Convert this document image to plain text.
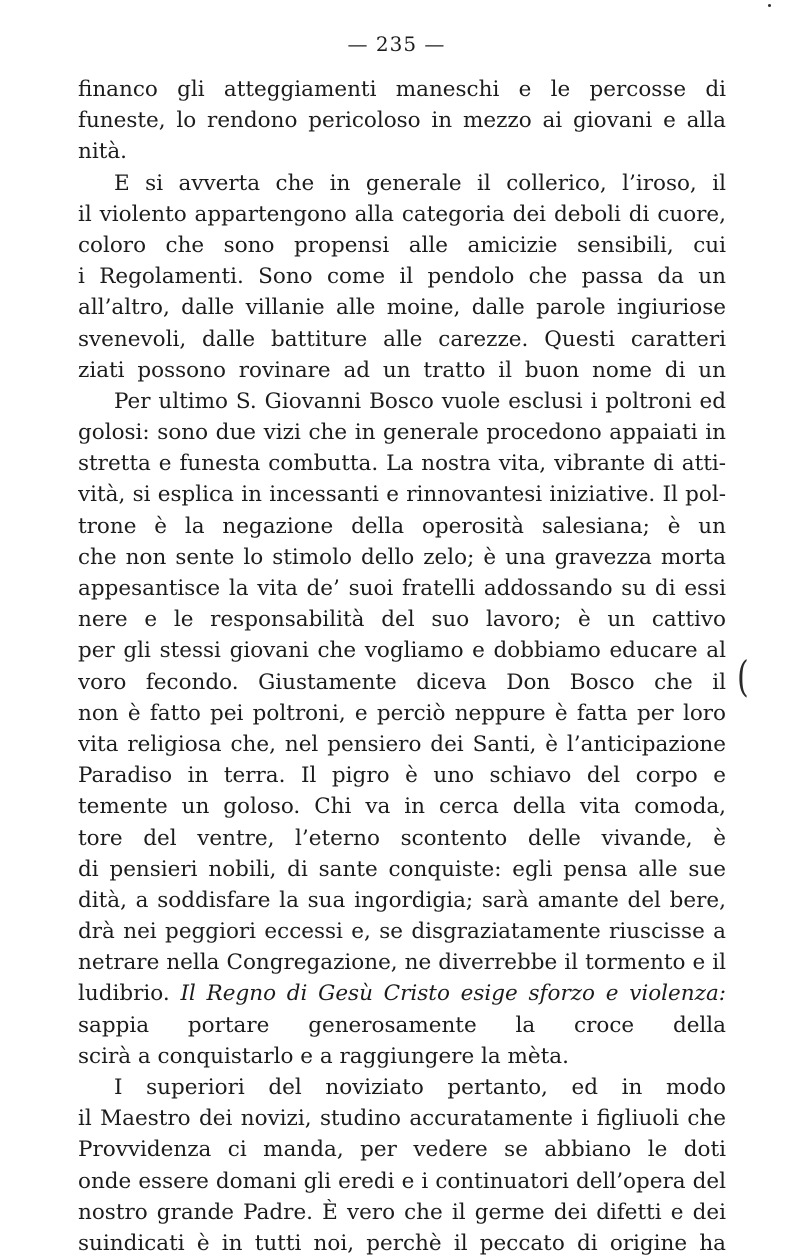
— 235 —
financo gli atteggiamenti maneschi e le percosse di
funeste, lo rendono pericoloso in mezzo ai giovani e alla
nità.
E si avverta che in generale il collerico, l’iroso, il
il violento appartengono alla categoria dei deboli di cuore,
coloro che sono propensi alle amicizie sensibili, cui
i Regolamenti. Sono come il pendolo che passa da un
all’altro, dalle villanie alle moine, dalle parole ingiuriose
svenevoli, dalle battiture alle carezze. Questi caratteri
ziati possono rovinare ad un tratto il buon nome di un
Per ultimo S. Giovanni Bosco vuole esclusi i poltroni ed
golosi: sono due vizi che in generale procedono appaiati in
stretta e funesta combutta. La nostra vita, vibrante di atti-
vità, si esplica in incessanti e rinnovantesi iniziative. Il pol-
trone è la negazione della operosità salesiana; è un
che non sente lo stimolo dello zelo; è una gravezza morta
appesantisce la vita de’ suoi fratelli addossando su di essi
nere e le responsabilità del suo lavoro; è un cattivo
per gli stessi giovani che vogliamo e dobbiamo educare al
voro fecondo. Giustamente diceva Don Bosco che il
non è fatto pei poltroni, e perciò neppure è fatta per loro
vita religiosa che, nel pensiero dei Santi, è l’anticipazione
Paradiso in terra. Il pigro è uno schiavo del corpo e
temente un goloso. Chi va in cerca della vita comoda,
tore del ventre, l’eterno scontento delle vivande, è
di pensieri nobili, di sante conquiste: egli pensa alle sue
dità, a soddisfare la sua ingordigia; sarà amante del bere,
drà nei peggiori eccessi e, se disgraziatamente riuscisse a
netrare nella Congregazione, ne diverrebbe il tormento e il
ludibrio. Il Regno di Gesù Cristo esige sforzo e violenza:
sappia portare generosamente la croce della
scirà a conquistarlo e a raggiungere la mèta.
I superiori del noviziato pertanto, ed in modo
il Maestro dei novizi, studino accuratamente i figliuoli che
Provvidenza ci manda, per vedere se abbiano le doti
onde essere domani gli eredi e i continuatori dell’opera del
nostro grande Padre. È vero che il germe dei difetti e dei
suindicati è in tutti noi, perchè il peccato di origine ha
(
